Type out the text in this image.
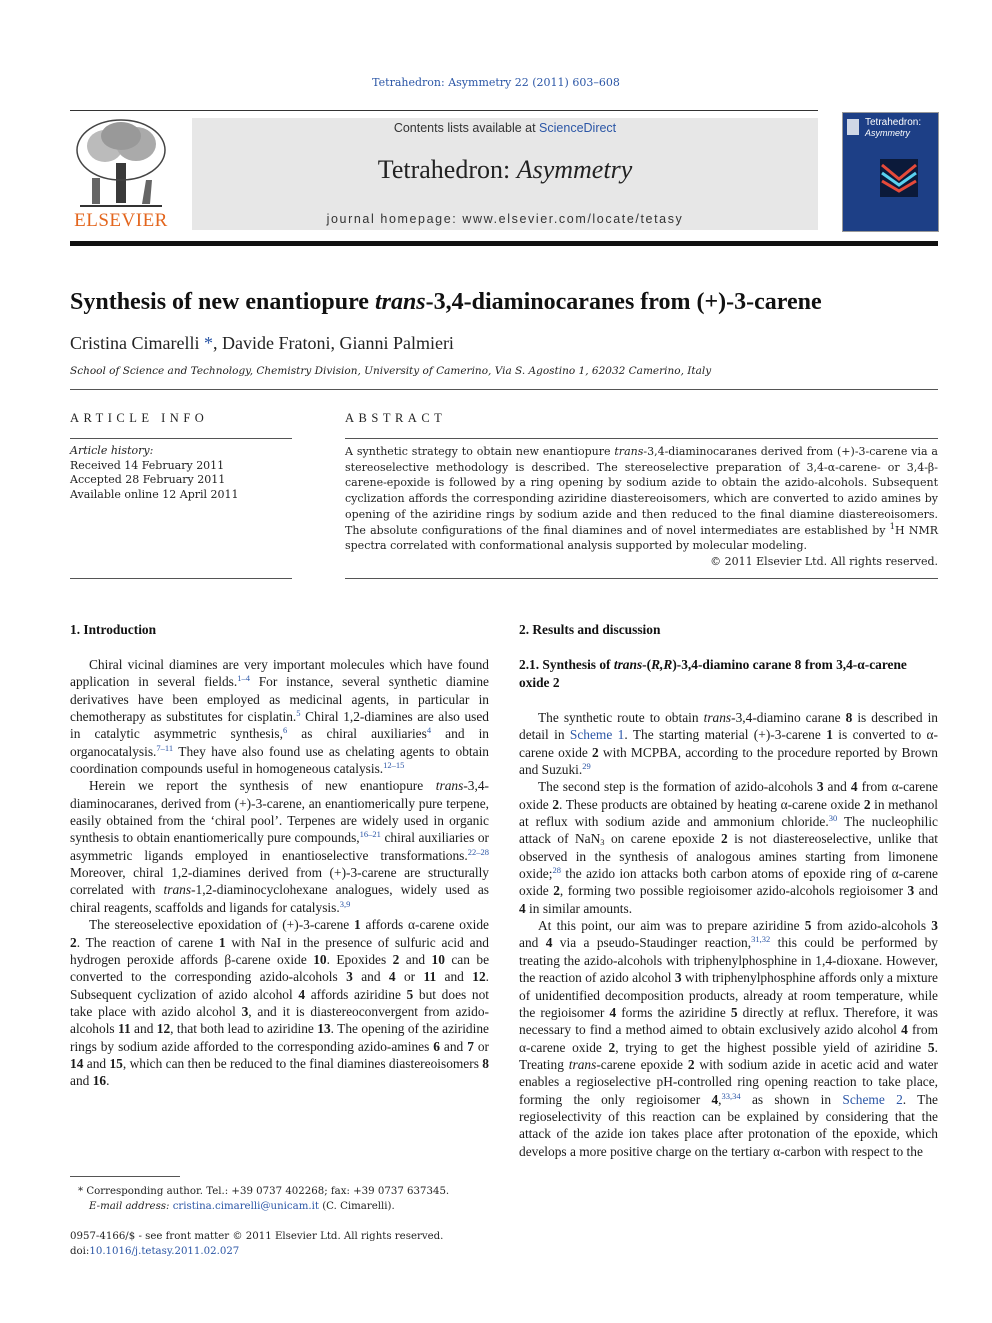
Tetrahedron: Asymmetry 22 (2011) 603–608
ELSEVIER
Contents lists available at ScienceDirect
Tetrahedron: Asymmetry
journal homepage: www.elsevier.com/locate/tetasy
Tetrahedron:
Asymmetry
Synthesis of new enantiopure trans-3,4-diaminocaranes from (+)-3-carene
Cristina Cimarelli *, Davide Fratoni, Gianni Palmieri
School of Science and Technology, Chemistry Division, University of Camerino, Via S. Agostino 1, 62032 Camerino, Italy
ARTICLE INFO	ABSTRACT
Article history:
Received 14 February 2011
Accepted 28 February 2011
Available online 12 April 2011
A synthetic strategy to obtain new enantiopure trans-3,4-diaminocaranes derived from (+)-3-carene via a stereoselective methodology is described. The stereoselective preparation of 3,4-α-carene- or 3,4-β-carene-epoxide is followed by a ring opening by sodium azide to obtain the azido-alcohols. Subsequent cyclization affords the corresponding aziridine diastereoisomers, which are converted to azido amines by opening of the aziridine rings by sodium azide and then reduced to the final diamine diastereoisomers. The absolute configurations of the final diamines and of novel intermediates are established by $^1$H NMR spectra correlated with conformational analysis supported by molecular modeling.
© 2011 Elsevier Ltd. All rights reserved.
1. Introduction

Chiral vicinal diamines are very important molecules which have found application in several fields.$^{1-4}$ For instance, several synthetic diamine derivatives have been employed as medicinal agents, in particular in chemotherapy as substitutes for cisplatin.$^5$ Chiral 1,2-diamines are also used in catalytic asymmetric synthesis,$^6$ as chiral auxiliaries$^4$ and in organocatalysis.$^{7-11}$ They have also found use as chelating agents to obtain coordination compounds useful in homogeneous catalysis.$^{12-15}$

Herein we report the synthesis of new enantiopure trans-3,4-diaminocaranes, derived from (+)-3-carene, an enantiomerically pure terpene, easily obtained from the ‘chiral pool’. Terpenes are widely used in organic synthesis to obtain enantiomerically pure compounds,$^{16-21}$ chiral auxiliaries or asymmetric ligands employed in enantioselective transformations.$^{22-28}$ Moreover, chiral 1,2-diamines derived from (+)-3-carene are structurally correlated with trans-1,2-diaminocyclohexane analogues, widely used as chiral reagents, scaffolds and ligands for catalysis.$^{3,9}$

The stereoselective epoxidation of (+)-3-carene 1 affords α-carene oxide 2. The reaction of carene 1 with NaI in the presence of sulfuric acid and hydrogen peroxide affords β-carene oxide 10. Epoxides 2 and 10 can be converted to the corresponding azido-alcohols 3 and 4 or 11 and 12. Subsequent cyclization of azido alcohol 4 affords aziridine 5 but does not take place with azido alcohol 3, and it is diastereoconvergent from azido-alcohols 11 and 12, that both lead to aziridine 13. The opening of the aziridine rings by sodium azide afforded to the corresponding azido-amines 6 and 7 or 14 and 15, which can then be reduced to the final diamines diastereoisomers 8 and 16.

* Corresponding author. Tel.: +39 0737 402268; fax: +39 0737 637345.
E-mail address: cristina.cimarelli@unicam.it (C. Cimarelli).
0957-4166/$ - see front matter © 2011 Elsevier Ltd. All rights reserved.
doi:10.1016/j.tetasy.2011.02.027
2. Results and discussion
2.1. Synthesis of trans-(R,R)-3,4-diamino carane 8 from 3,4-α-carene oxide 2

The synthetic route to obtain trans-3,4-diamino carane 8 is described in detail in Scheme 1. The starting material (+)-3-carene 1 is converted to α-carene oxide 2 with MCPBA, according to the procedure reported by Brown and Suzuki.$^{29}$

The second step is the formation of azido-alcohols 3 and 4 from α-carene oxide 2. These products are obtained by heating α-carene oxide 2 in methanol at reflux with sodium azide and ammonium chloride.$^{30}$ The nucleophilic attack of NaN$_3$ on carene epoxide 2 is not diastereoselective, unlike that observed in the synthesis of analogous amines starting from limonene oxide;$^{28}$ the azido ion attacks both carbon atoms of epoxide ring of α-carene oxide 2, forming two possible regioisomer azido-alcohols regioisomer 3 and 4 in similar amounts.

At this point, our aim was to prepare aziridine 5 from azido-alcohols 3 and 4 via a pseudo-Staudinger reaction,$^{31,32}$ this could be performed by treating the azido-alcohols with triphenylphosphine in 1,4-dioxane. However, the reaction of azido alcohol 3 with triphenylphosphine affords only a mixture of unidentified decomposition products, already at room temperature, while the regioisomer 4 forms the aziridine 5 directly at reflux. Therefore, it was necessary to find a method aimed to obtain exclusively azido alcohol 4 from α-carene oxide 2, trying to get the highest possible yield of aziridine 5. Treating trans-carene epoxide 2 with sodium azide in acetic acid and water enables a regioselective pH-controlled ring opening reaction to take place, forming the only regioisomer 4,$^{33,34}$ as shown in Scheme 2. The regioselectivity of this reaction can be explained by considering that the attack of the azide ion takes place after protonation of the epoxide, which develops a more positive charge on the tertiary α-carbon with respect to the
